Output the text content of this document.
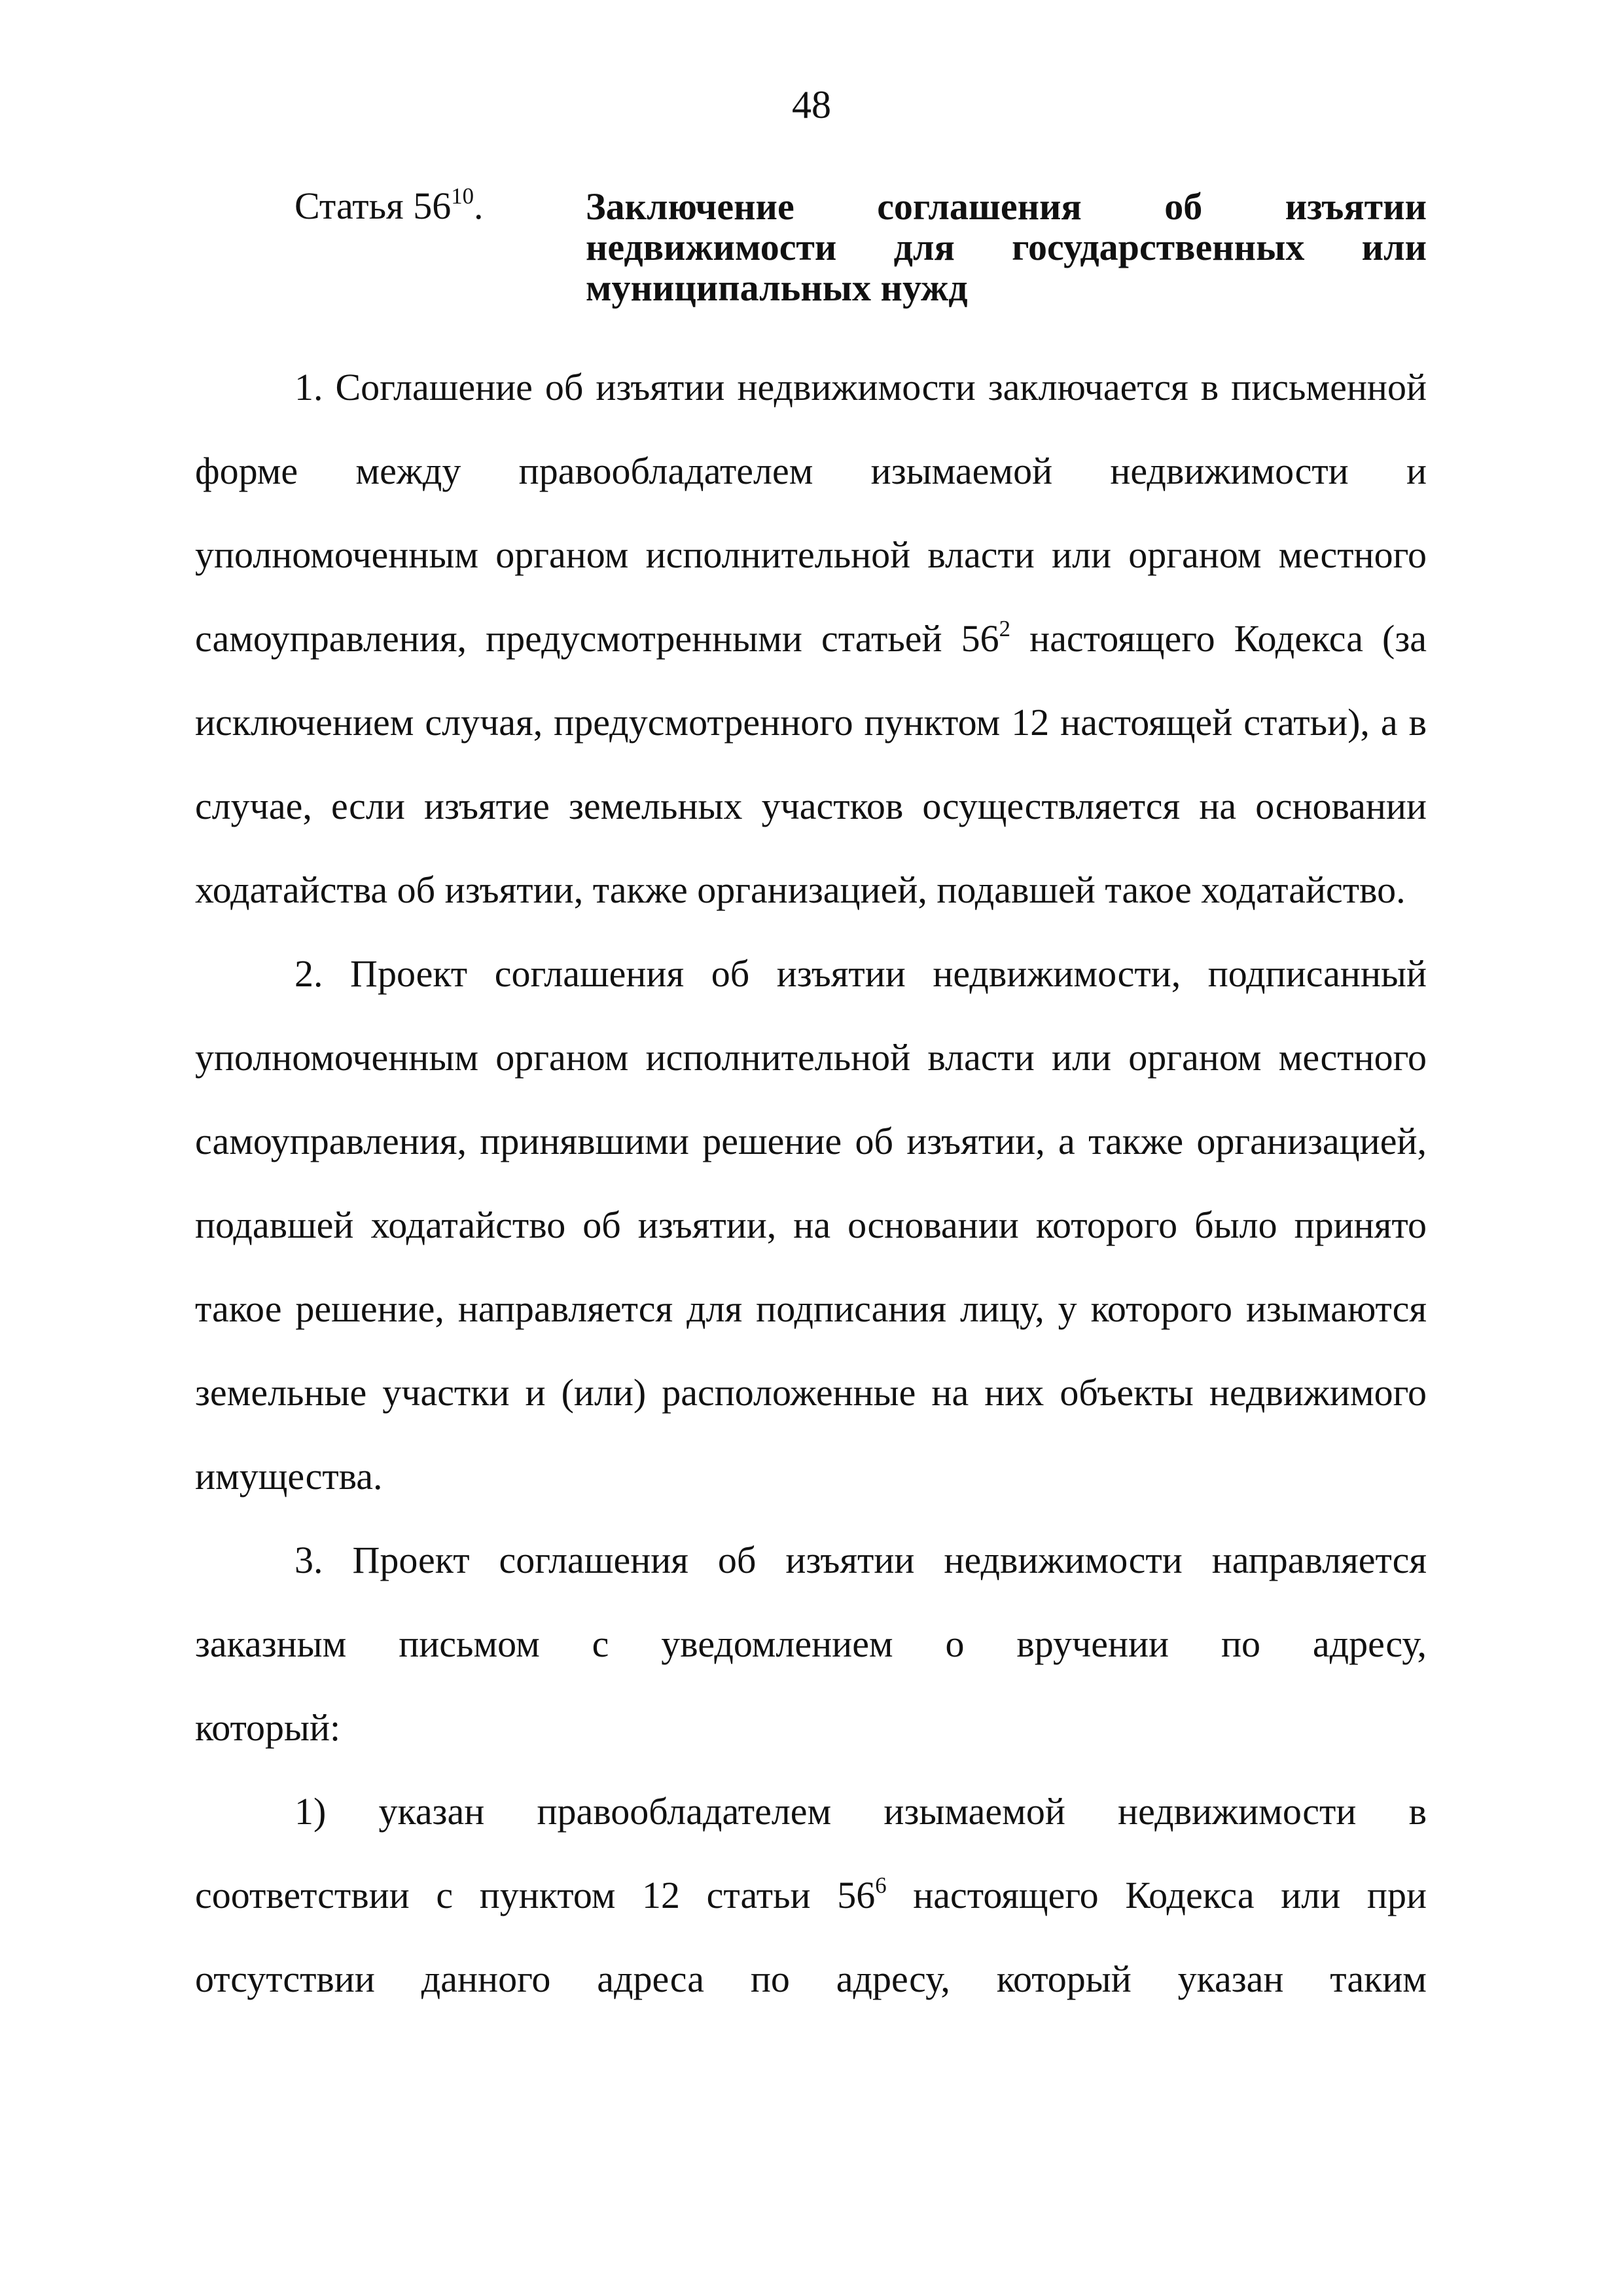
48
Статья $56^{10}$.	Заключение соглашения об изъятии
недвижимости для государственных или
муниципальных нужд
1. Соглашение об изъятии недвижимости заключается в письменной
форме между правообладателем изымаемой недвижимости и
уполномоченным органом исполнительной власти или органом местного
самоуправления, предусмотренными статьей $56^2$ настоящего Кодекса (за
исключением случая, предусмотренного пунктом 12 настоящей статьи), а в
случае, если изъятие земельных участков осуществляется на основании
ходатайства об изъятии, также организацией, подавшей такое ходатайство.
2. Проект соглашения об изъятии недвижимости, подписанный
уполномоченным органом исполнительной власти или органом местного
самоуправления, принявшими решение об изъятии, а также организацией,
подавшей ходатайство об изъятии, на основании которого было принято
такое решение, направляется для подписания лицу, у которого изымаются
земельные участки и (или) расположенные на них объекты недвижимого
имущества.
3. Проект соглашения об изъятии недвижимости направляется
заказным письмом с уведомлением о вручении по адресу,
который:
1) указан правообладателем изымаемой недвижимости в
соответствии с пунктом 12 статьи $56^6$ настоящего Кодекса или при
отсутствии данного адреса по адресу, который указан таким
